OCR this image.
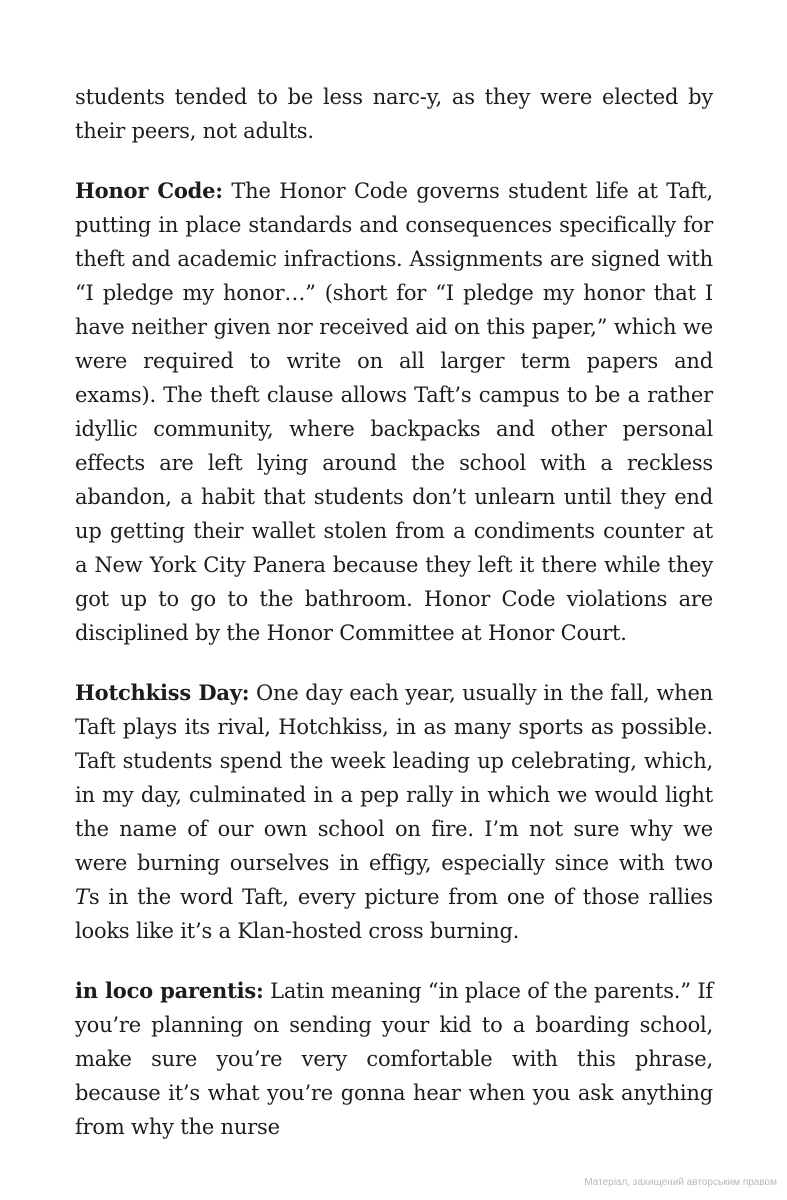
students tended to be less narc-y, as they were elected by their peers, not adults.

Honor Code: The Honor Code governs student life at Taft, putting in place standards and consequences specifically for theft and academic infractions. Assignments are signed with “I pledge my honor…” (short for “I pledge my honor that I have neither given nor received aid on this paper,” which we were required to write on all larger term papers and exams). The theft clause allows Taft’s campus to be a rather idyllic community, where backpacks and other personal effects are left lying around the school with a reckless abandon, a habit that students don’t unlearn until they end up getting their wallet stolen from a condiments counter at a New York City Panera because they left it there while they got up to go to the bathroom. Honor Code violations are disciplined by the Honor Committee at Honor Court.

Hotchkiss Day: One day each year, usually in the fall, when Taft plays its rival, Hotchkiss, in as many sports as possible. Taft students spend the week leading up celebrating, which, in my day, culminated in a pep rally in which we would light the name of our own school on fire. I’m not sure why we were burning ourselves in effigy, especially since with two Ts in the word Taft, every picture from one of those rallies looks like it’s a Klan-hosted cross burning.

in loco parentis: Latin meaning “in place of the parents.” If you’re planning on sending your kid to a boarding school, make sure you’re very comfortable with this phrase, because it’s what you’re gonna hear when you ask anything from why the nurse

Матеріал, захищений авторським правом
